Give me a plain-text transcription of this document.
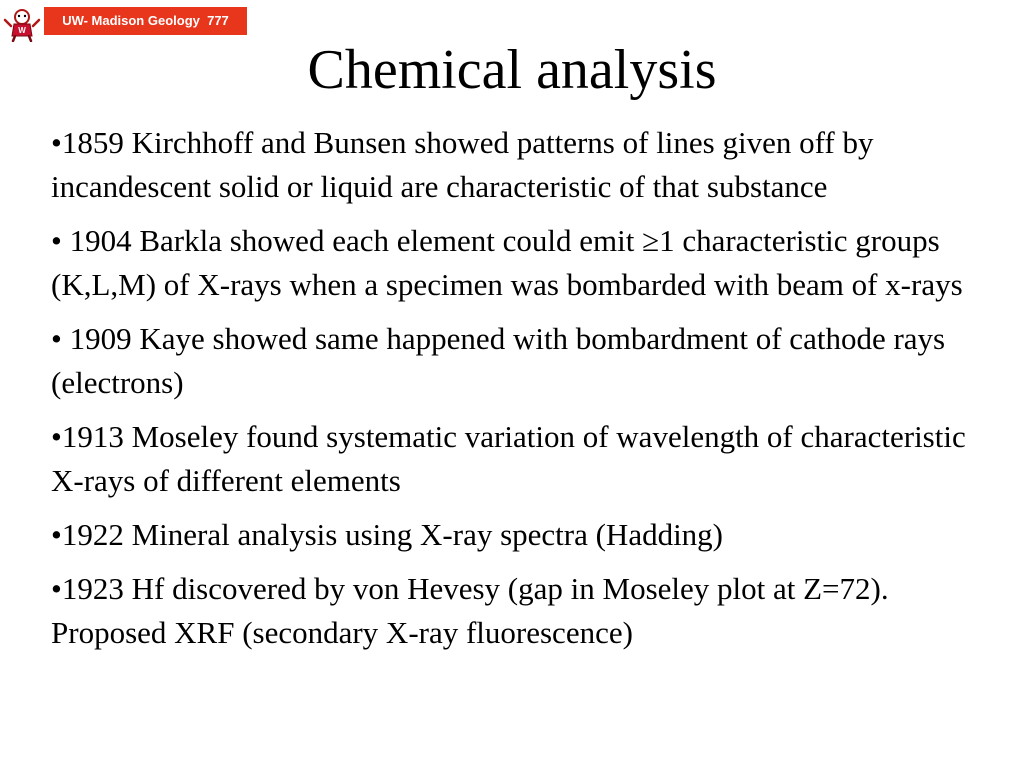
W
UW- Madison Geology  777
Chemical analysis
•1859 Kirchhoff and Bunsen showed patterns of lines given off by incandescent solid or liquid are characteristic of that substance
• 1904 Barkla showed each element could emit ≥1 characteristic groups (K,L,M) of X-rays when a specimen was bombarded with beam of x-rays
• 1909 Kaye showed same happened with bombardment of cathode rays (electrons)
•1913 Moseley found systematic variation of wavelength of characteristic X-rays of different elements
•1922 Mineral analysis using X-ray spectra (Hadding)
•1923 Hf discovered by von Hevesy (gap in Moseley plot at Z=72). Proposed XRF (secondary X-ray fluorescence)
